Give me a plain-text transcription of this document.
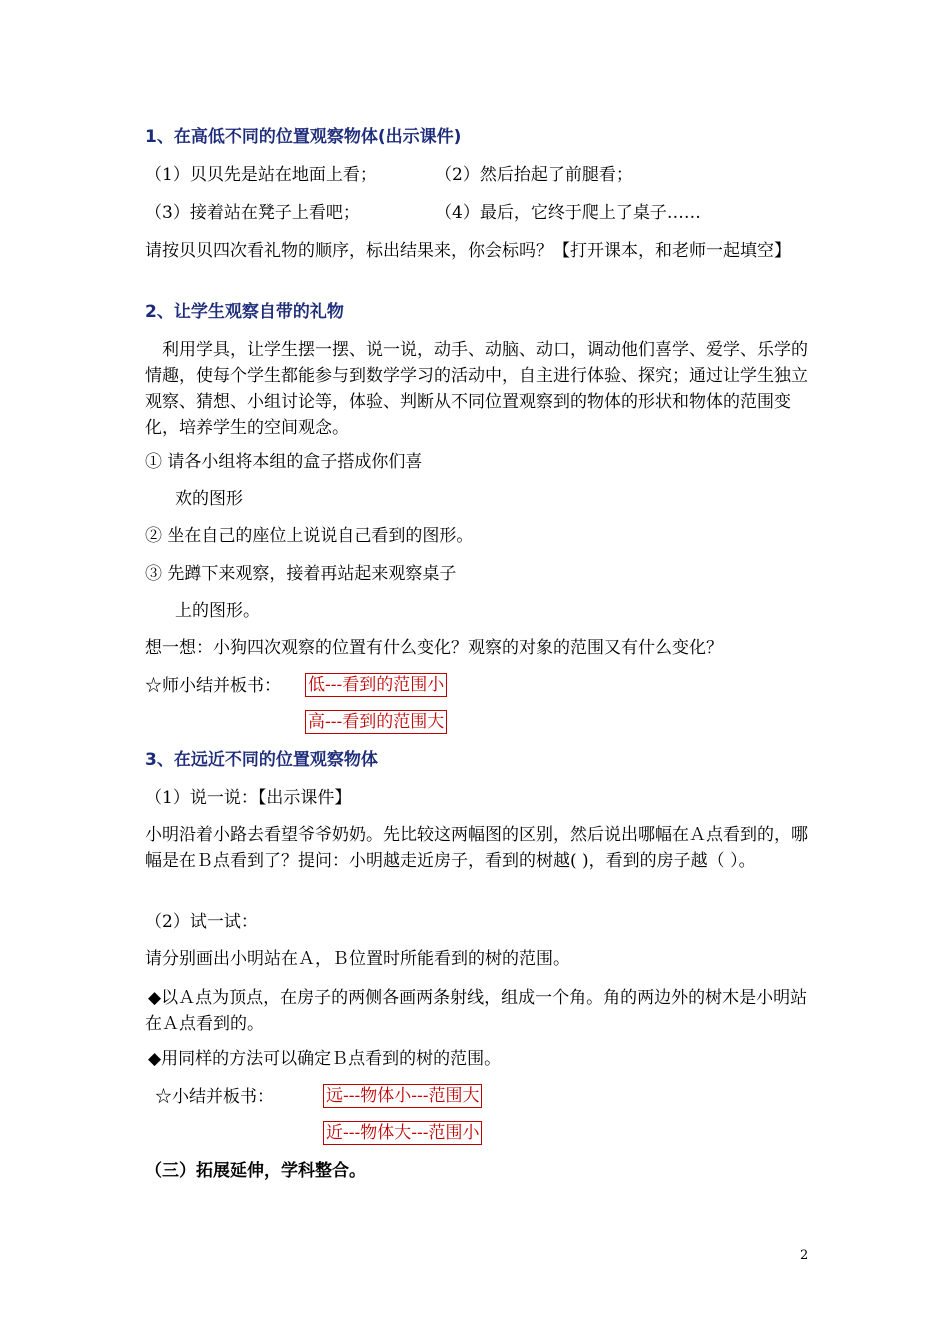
1、在高低不同的位置观察物体(出示课件)
（1）贝贝先是站在地面上看；	（2）然后抬起了前腿看；
（3）接着站在凳子上看吧；	（4）最后，它终于爬上了桌子……
请按贝贝四次看礼物的顺序，标出结果来，你会标吗？【打开课本，和老师一起填空】
2、让学生观察自带的礼物
利用学具，让学生摆一摆、说一说，动手、动脑、动口，调动他们喜学、爱学、乐学的情趣，使每个学生都能参与到数学学习的活动中，自主进行体验、探究；通过让学生独立观察、猜想、小组讨论等，体验、判断从不同位置观察到的物体的形状和物体的范围变化，培养学生的空间观念。
① 请各小组将本组的盒子搭成你们喜
欢的图形
② 坐在自己的座位上说说自己看到的图形。
③ 先蹲下来观察，接着再站起来观察桌子
上的图形。
想一想：小狗四次观察的位置有什么变化？观察的对象的范围又有什么变化？
☆师小结并板书： 低---看到的范围小
高---看到的范围大
3、在远近不同的位置观察物体
（1）说一说：【出示课件】
小明沿着小路去看望爷爷奶奶。先比较这两幅图的区别，然后说出哪幅在Ａ点看到的，哪幅是在Ｂ点看到了？提问：小明越走近房子，看到的树越( )，看到的房子越（ ）。
（2）试一试：
请分别画出小明站在Ａ，Ｂ位置时所能看到的树的范围。
◆以Ａ点为顶点，在房子的两侧各画两条射线，组成一个角。角的两边外的树木是小明站在Ａ点看到的。
◆用同样的方法可以确定Ｂ点看到的树的范围。
☆小结并板书：	远---物体小---范围大
近---物体大---范围小
（三）拓展延伸，学科整合。
2
